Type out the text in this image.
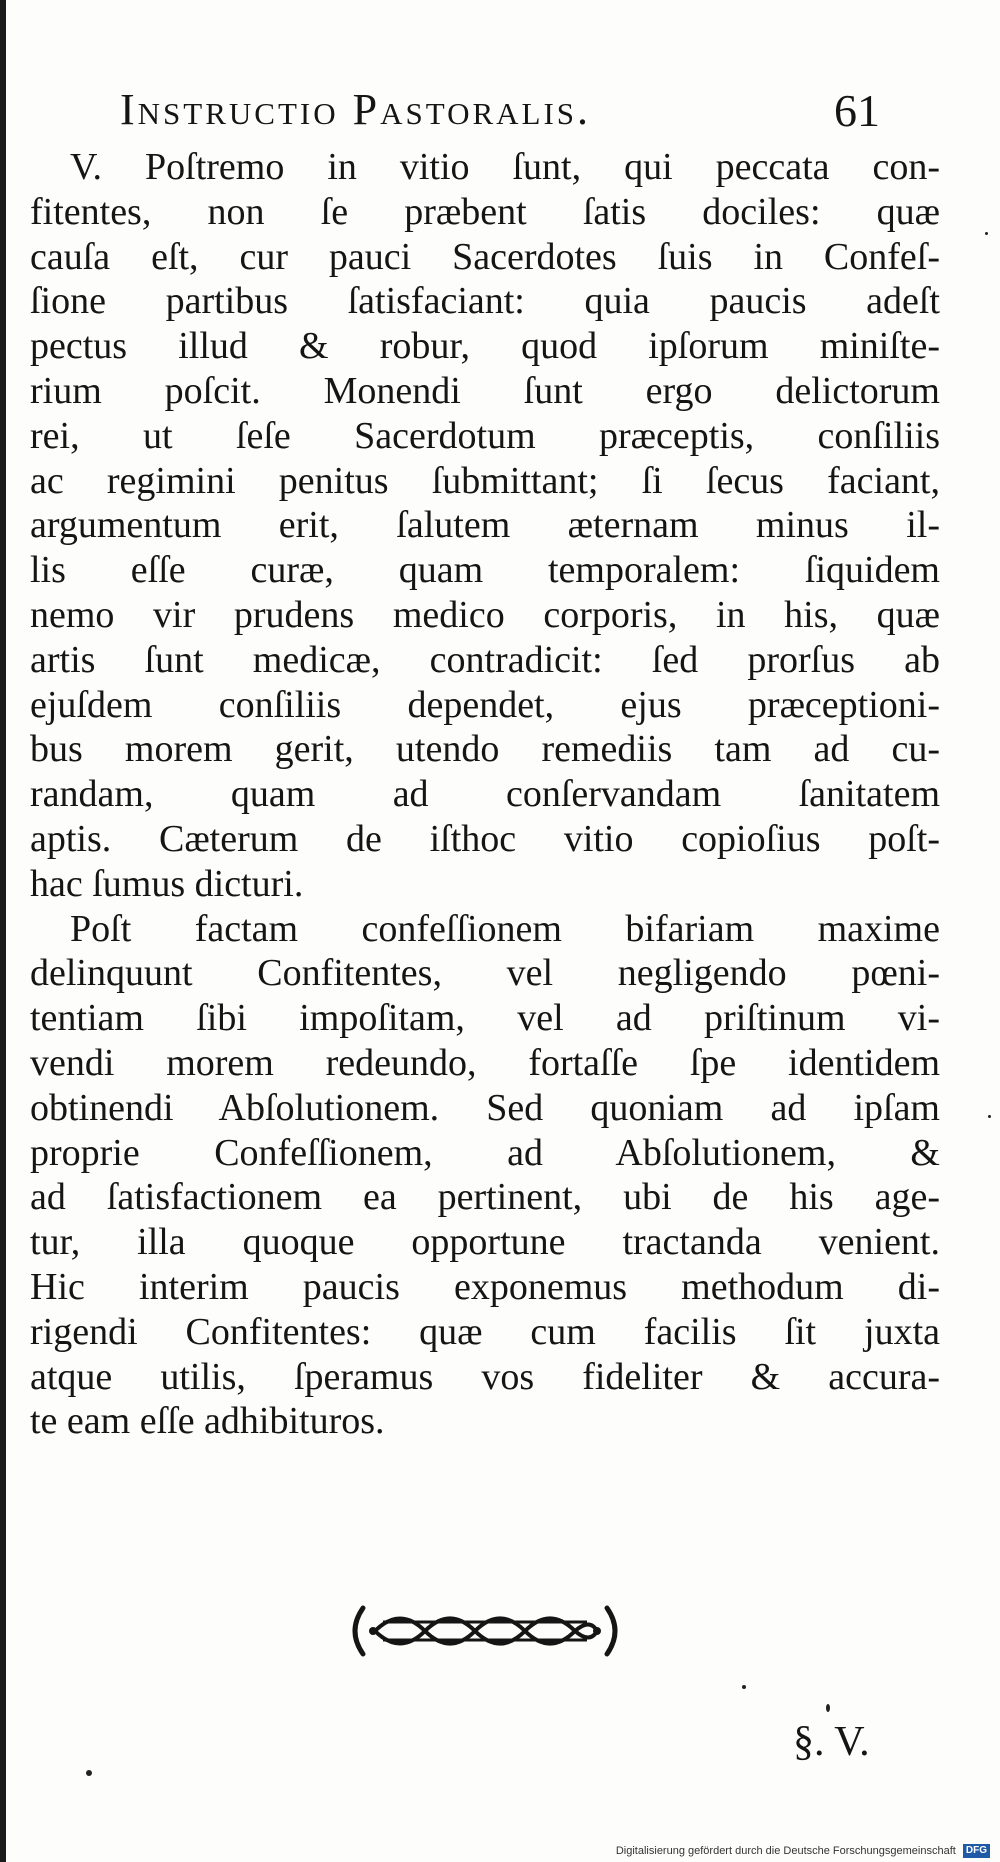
Instructio Pastoralis.	61
V. Poſtremo in vitio ſunt, qui peccata con-
fitentes, non ſe præbent ſatis dociles: quæ
cauſa eſt, cur pauci Sacerdotes ſuis in Confeſ-
ſione partibus ſatisfaciant: quia paucis adeſt
pectus illud & robur, quod ipſorum miniſte-
rium poſcit. Monendi ſunt ergo delictorum
rei, ut ſeſe Sacerdotum præceptis, conſiliis
ac regimini penitus ſubmittant; ſi ſecus faciant,
argumentum erit, ſalutem æternam minus il-
lis eſſe curæ, quam temporalem: ſiquidem
nemo vir prudens medico corporis, in his, quæ
artis ſunt medicæ, contradicit: ſed prorſus ab
ejuſdem conſiliis dependet, ejus præceptioni-
bus morem gerit, utendo remediis tam ad cu-
randam, quam ad conſervandam ſanitatem
aptis. Cæterum de iſthoc vitio copioſius poſt-
hac ſumus dicturi.
Poſt factam confeſſionem bifariam maxime
delinquunt Confitentes, vel negligendo pœni-
tentiam ſibi impoſitam, vel ad priſtinum vi-
vendi morem redeundo, fortaſſe ſpe identidem
obtinendi Abſolutionem. Sed quoniam ad ipſam
proprie Confeſſionem, ad Abſolutionem, &
ad ſatisfactionem ea pertinent, ubi de his age-
tur, illa quoque opportune tractanda venient.
Hic interim paucis exponemus methodum di-
rigendi Confitentes: quæ cum facilis ſit juxta
atque utilis, ſperamus vos fideliter & accura-
te eam eſſe adhibituros.
§. V.
Digitalisierung gefördert durch die Deutsche Forschungsgemeinschaft DFG
